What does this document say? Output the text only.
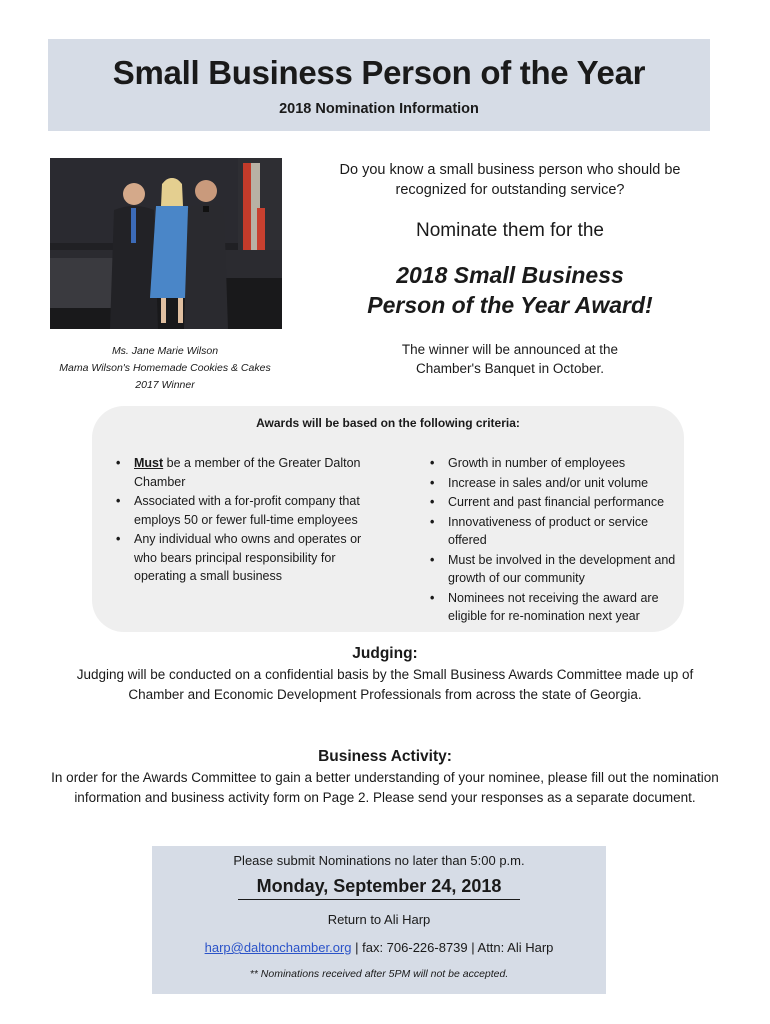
Small Business Person of the Year
2018 Nomination Information
Ms. Jane Marie Wilson
Mama Wilson's Homemade Cookies & Cakes
2017 Winner
Do you know a small business person who should be
recognized for outstanding service?
Nominate them for the
2018 Small Business
Person of the Year Award!
The winner will be announced at the
Chamber's Banquet in October.
Awards will be based on the following criteria:
• Must be a member of the Greater Dalton Chamber
• Associated with a for-profit company that employs 50 or fewer full-time employees
• Any individual who owns and operates or who bears principal responsibility for operating a small business
• Growth in number of employees
• Increase in sales and/or unit volume
• Current and past financial performance
• Innovativeness of product or service offered
• Must be involved in the development and growth of our community
• Nominees not receiving the award are eligible for re-nomination next year
Judging:
Judging will be conducted on a confidential basis by the Small Business Awards Committee made up of Chamber and Economic Development Professionals from across the state of Georgia.
Business Activity:
In order for the Awards Committee to gain a better understanding of your nominee, please fill out the nomination information and business activity form on Page 2. Please send your responses as a separate document.
Please submit Nominations no later than 5:00 p.m.
Monday, September 24, 2018
Return to Ali Harp
harp@daltonchamber.org | fax: 706-226-8739 | Attn: Ali Harp
** Nominations received after 5PM will not be accepted.
